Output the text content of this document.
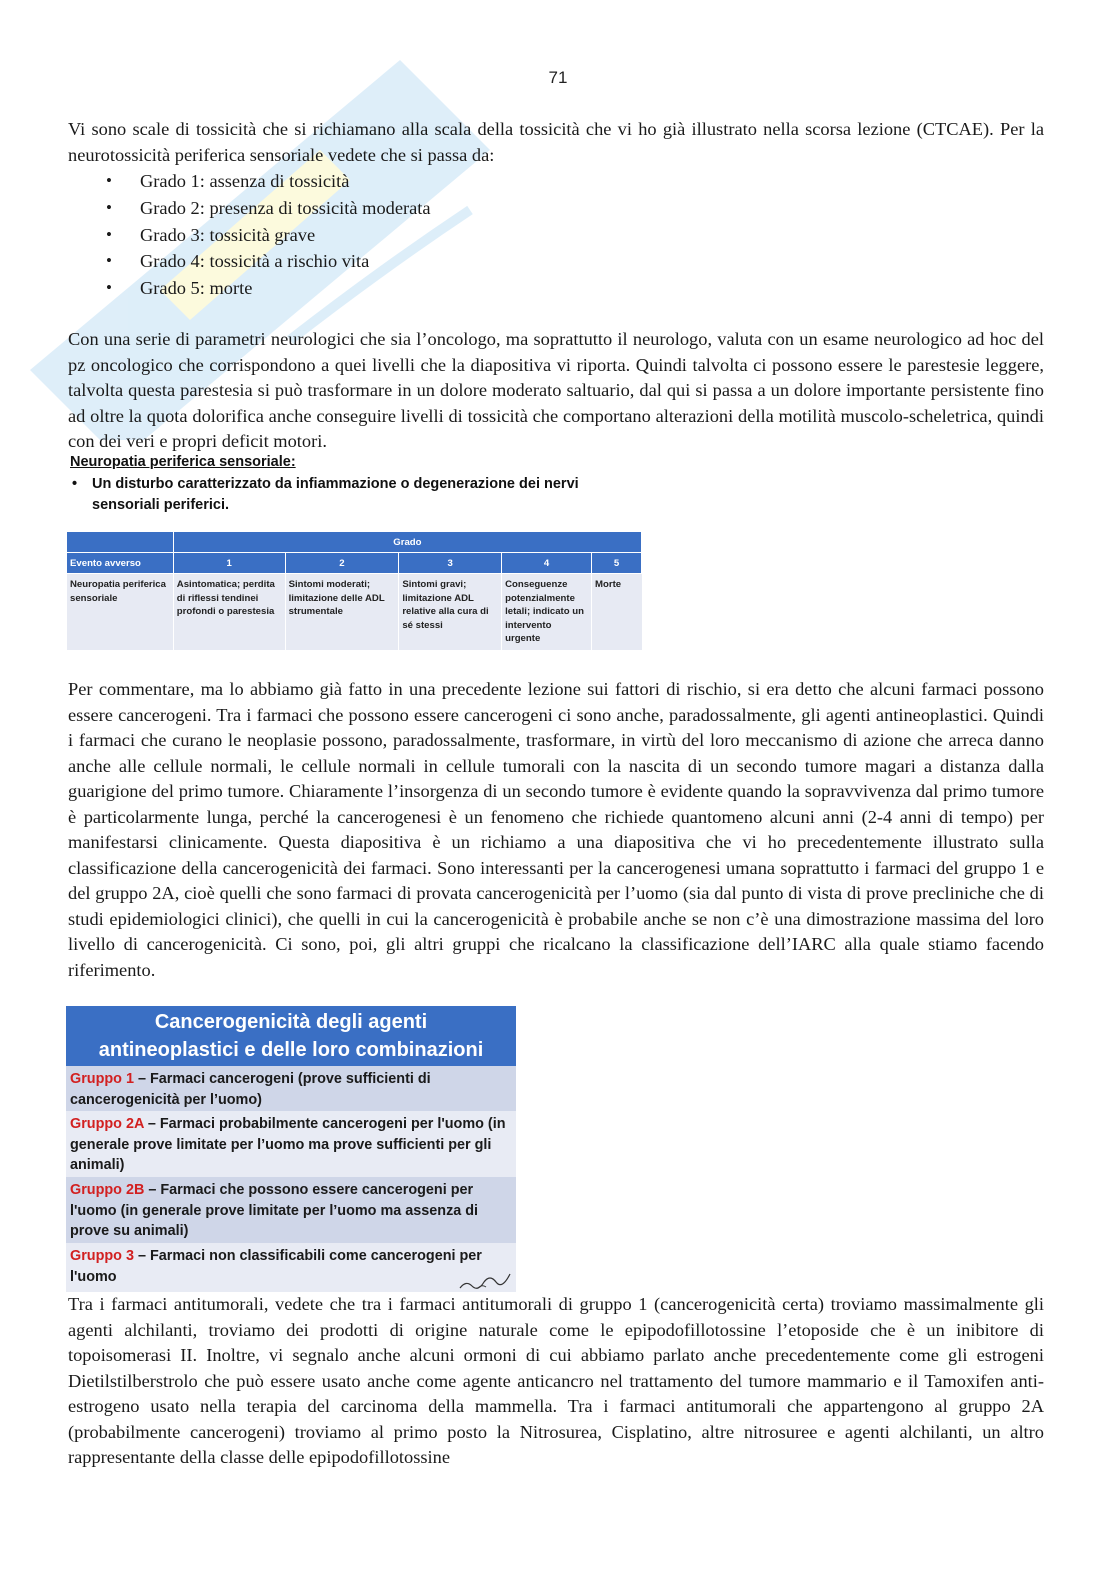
71

Vi sono scale di tossicità che si richiamano alla scala della tossicità che vi ho già illustrato nella scorsa lezione (CTCAE). Per la neurotossicità periferica sensoriale vedete che si passa da:

• Grado 1: assenza di tossicità
• Grado 2: presenza di tossicità moderata
• Grado 3: tossicità grave
• Grado 4: tossicità a rischio vita
• Grado 5: morte

Con una serie di parametri neurologici che sia l’oncologo, ma soprattutto il neurologo, valuta con un esame neurologico ad hoc del pz oncologico che corrispondono a quei livelli che la diapositiva vi riporta. Quindi talvolta ci possono essere le parestesie leggere, talvolta questa parestesia si può trasformare in un dolore moderato saltuario, dal qui si passa a un dolore importante persistente fino ad oltre la quota dolorifica anche conseguire livelli di tossicità che comportano alterazioni della motilità muscolo-scheletrica, quindi con dei veri e propri deficit motori.

Neuropatia periferica sensoriale:
• Un disturbo caratterizzato da infiammazione o degenerazione dei nervi sensoriali periferici.
	Grado				
Evento avverso	1	2	3	4	5
Neuropatia periferica sensoriale	Asintomatica; perdita di riflessi tendinei profondi o parestesia	Sintomi moderati; limitazione delle ADL strumentale	Sintomi gravi; limitazione ADL relative alla cura di sé stessi	Conseguenze potenzialmente letali; indicato un intervento urgente	Morte

Per commentare, ma lo abbiamo già fatto in una precedente lezione sui fattori di rischio, si era detto che alcuni farmaci possono essere cancerogeni. Tra i farmaci che possono essere cancerogeni ci sono anche, paradossalmente, gli agenti antineoplastici. Quindi i farmaci che curano le neoplasie possono, paradossalmente, trasformare, in virtù del loro meccanismo di azione che arreca danno anche alle cellule normali, le cellule normali in cellule tumorali con la nascita di un secondo tumore magari a distanza dalla guarigione del primo tumore. Chiaramente l’insorgenza di un secondo tumore è evidente quando la sopravvivenza dal primo tumore è particolarmente lunga, perché la cancerogenesi è un fenomeno che richiede quantomeno alcuni anni (2-4 anni di tempo) per manifestarsi clinicamente. Questa diapositiva è un richiamo a una diapositiva che vi ho precedentemente illustrato sulla classificazione della cancerogenicità dei farmaci. Sono interessanti per la cancerogenesi umana soprattutto i farmaci del gruppo 1 e del gruppo 2A, cioè quelli che sono farmaci di provata cancerogenicità per l’uomo (sia dal punto di vista di prove precliniche che di studi epidemiologici clinici), che quelli in cui la cancerogenicità è probabile anche se non c’è una dimostrazione massima del loro livello di cancerogenicità. Ci sono, poi, gli altri gruppi che ricalcano la classificazione dell’IARC alla quale stiamo facendo riferimento.

Cancerogenicità degli agenti
antineoplastici e delle loro combinazioni
Gruppo 1 – Farmaci cancerogeni (prove sufficienti di cancerogenicità per l’uomo)
Gruppo 2A – Farmaci probabilmente cancerogeni per l'uomo (in generale prove limitate per l’uomo ma prove sufficienti per gli animali)
Gruppo 2B – Farmaci che possono essere cancerogeni per l'uomo (in generale prove limitate per l’uomo ma assenza di prove su animali)
Gruppo 3 – Farmaci non classificabili come cancerogeni per l'uomo

Tra i farmaci antitumorali, vedete che tra i farmaci antitumorali di gruppo 1 (cancerogenicità certa) troviamo massimalmente gli agenti alchilanti, troviamo dei prodotti di origine naturale come le epipodofillotossine l’etoposide che è un inibitore di topoisomerasi II. Inoltre, vi segnalo anche alcuni ormoni di cui abbiamo parlato anche precedentemente come gli estrogeni Dietilstilberstrolo che può essere usato anche come agente anticancro nel trattamento del tumore mammario e il Tamoxifen anti-estrogeno usato nella terapia del carcinoma della mammella. Tra i farmaci antitumorali che appartengono al gruppo 2A (probabilmente cancerogeni) troviamo al primo posto la Nitrosurea, Cisplatino, altre nitrosuree e agenti alchilanti, un altro rappresentante della classe delle epipodofillotossine
